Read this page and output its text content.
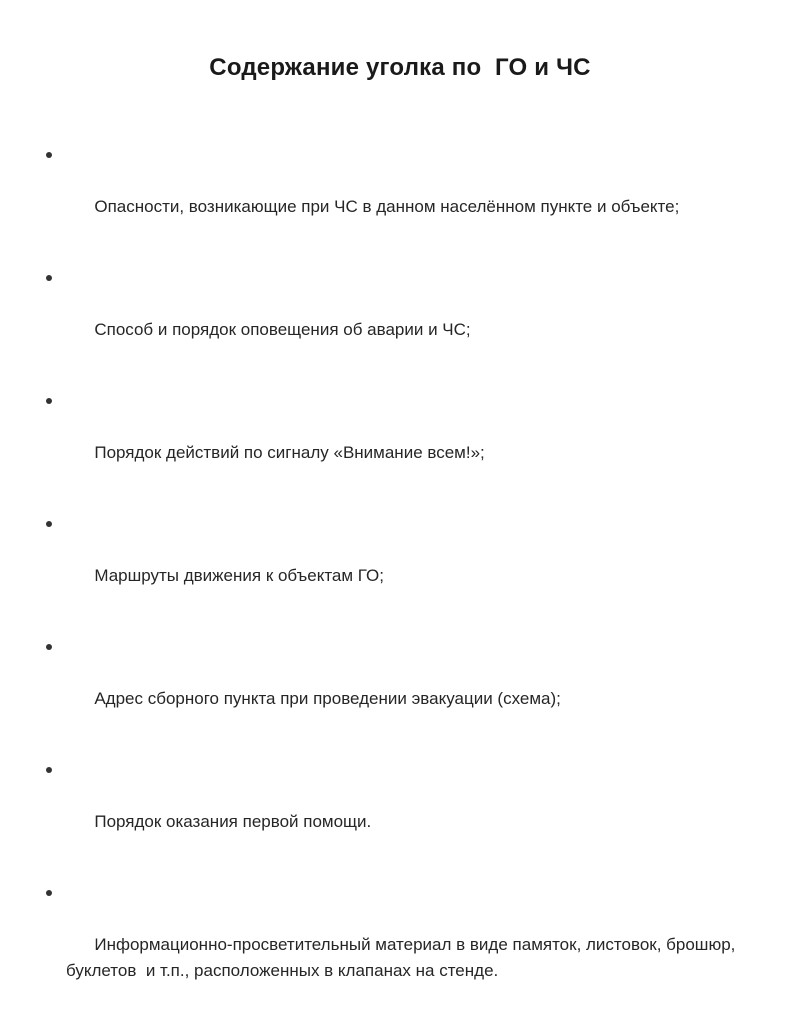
Содержание уголка по  ГО и ЧС

Опасности, возникающие при ЧС в данном населённом пункте и объекте;

Способ и порядок оповещения об аварии и ЧС;

Порядок действий по сигналу «Внимание всем!»;

Маршруты движения к объектам ГО;

Адрес сборного пункта при проведении эвакуации (схема);

Порядок оказания первой помощи.

Информационно-просветительный материал в виде памяток, листовок, брошюр, буклетов  и т.п., расположенных в клапанах на стенде.
